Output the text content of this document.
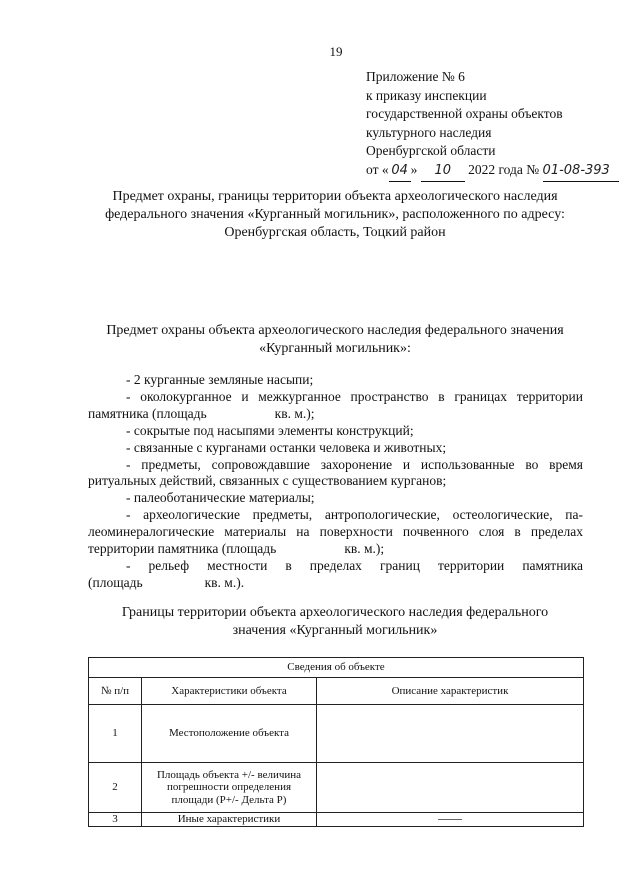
19
Приложение № 6
к приказу инспекции
государственной охраны объектов
культурного наследия
Оренбургской области
от « 04 » 10 2022 года № 01-08-393
Предмет охраны, границы территории объекта археологического наследия
федерального значения «Курганный могильник», расположенного по адресу:
Оренбургская область, Тоцкий район
Предмет охраны объекта археологического наследия федерального значения
«Курганный могильник»:

- 2 курганные земляные насыпи;

- околокурганное и межкурганное пространство в границах территории

памятника (площадь	кв. м.);

- сокрытые под насыпями элементы конструкций;

- связанные с курганами останки человека и животных;

- предметы, сопровождавшие захоронение и использованные во время

ритуальных действий, связанных с существованием курганов;

- палеоботанические материалы;

- археологические предметы, антропологические, остеологические, па-

леоминералогические материалы на поверхности почвенного слоя в пределах

территории памятника (площадь	кв. м.);

- рельеф местности в пределах границ территории памятника

(площадь	кв. м.).

Границы территории объекта археологического наследия федерального
значения «Курганный могильник»
Сведения об объекте		
№ п/п	Характеристики объекта	Описание характеристик
1	Местоположение объекта	
2	Площадь объекта +/- величина погрешности определения площади (P+/- Дельта P)	
3	Иные характеристики	
